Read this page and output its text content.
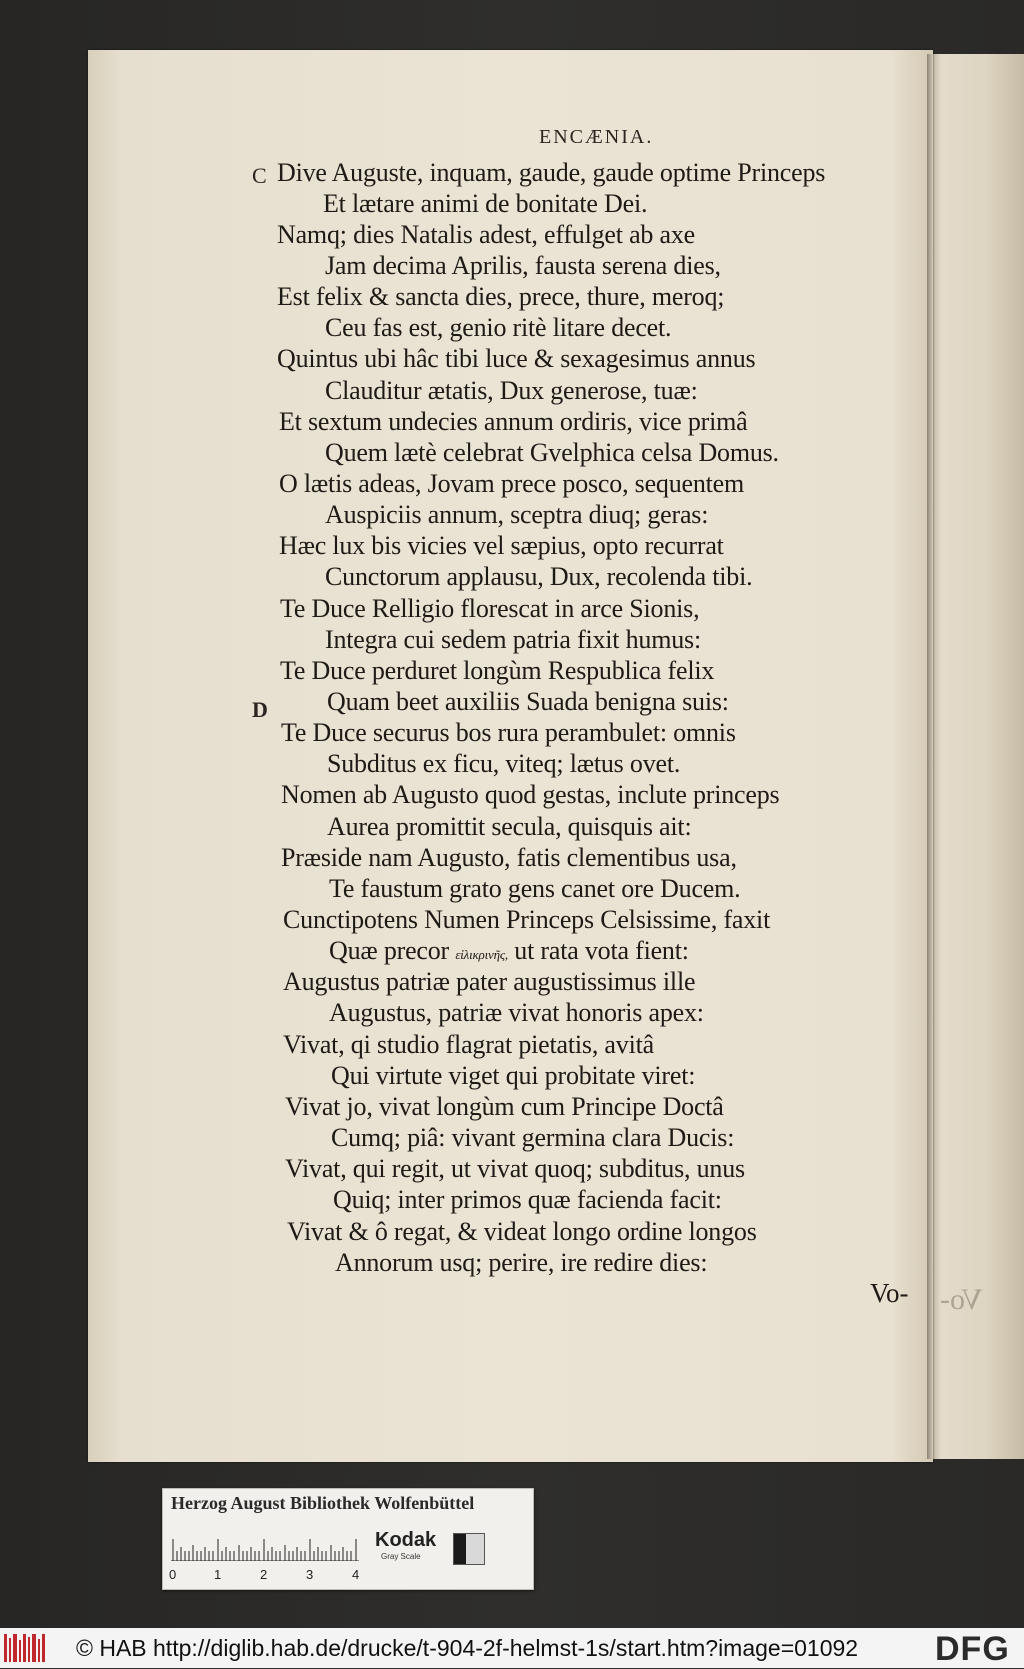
Vo-
ENCÆNIA.
C
D
Dive Auguste, inquam, gaude, gaude optime Princeps
Et lætare animi de bonitate Dei.
Namq; dies Natalis adest, effulget ab axe
Jam decima Aprilis, fausta serena dies,
Est felix & sancta dies, prece, thure, meroq;
Ceu fas est, genio ritè litare decet.
Quintus ubi hâc tibi luce & sexagesimus annus
Clauditur ætatis, Dux generose, tuæ:
Et sextum undecies annum ordiris, vice primâ
Quem lætè celebrat Gvelphica celsa Domus.
O lætis adeas, Jovam prece posco, sequentem
Auspiciis annum, sceptra diuq; geras:
Hæc lux bis vicies vel sæpius, opto recurrat
Cunctorum applausu, Dux, recolenda tibi.
Te Duce Relligio florescat in arce Sionis,
Integra cui sedem patria fixit humus:
Te Duce perduret longùm Respublica felix
Quam beet auxiliis Suada benigna suis:
Te Duce securus bos rura perambulet: omnis
Subditus ex ficu, viteq; lætus ovet.
Nomen ab Augusto quod gestas, inclute princeps
Aurea promittit secula, quisquis ait:
Præside nam Augusto, fatis clementibus usa,
Te faustum grato gens canet ore Ducem.
Cunctipotens Numen Princeps Celsissime, faxit
Quæ precor εἰλικρινῆς, ut rata vota fient:
Augustus patriæ pater augustissimus ille
Augustus, patriæ vivat honoris apex:
Vivat, qi studio flagrat pietatis, avitâ
Qui virtute viget qui probitate viret:
Vivat jo, vivat longùm cum Principe Doctâ
Cumq; piâ: vivant germina clara Ducis:
Vivat, qui regit, ut vivat quoq; subditus, unus
Quiq; inter primos quæ facienda facit:
Vivat & ô regat, & videat longo ordine longos
Annorum usq; perire, ire redire dies:
Vo-
Herzog August Bibliothek Wolfenbüttel
0	1	2	3	4
Kodak
Gray Scale
© HAB http://diglib.hab.de/drucke/t-904-2f-helmst-1s/start.htm?image=01092 DFG
